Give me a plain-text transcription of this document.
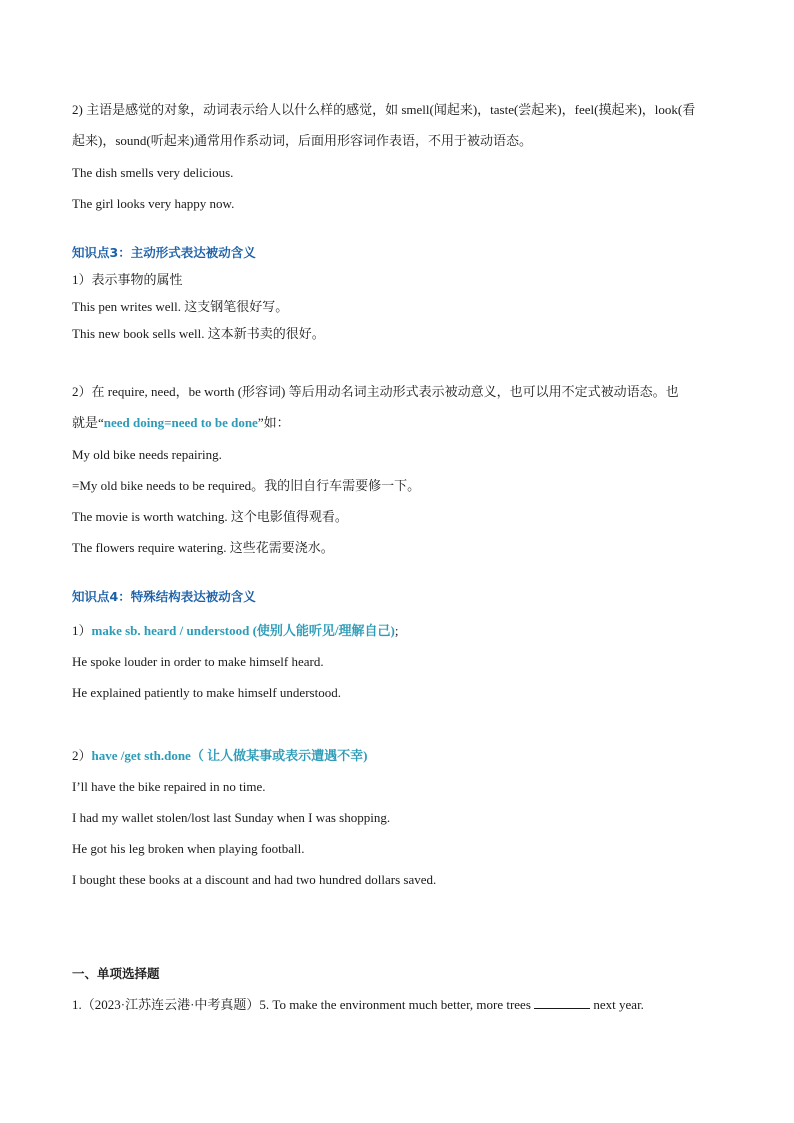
2) 主语是感觉的对象，动词表示给人以什么样的感觉，如 smell(闻起来)，taste(尝起来)，feel(摸起来)，look(看
起来)，sound(听起来)通常用作系动词，后面用形容词作表语，不用于被动语态。
The dish smells very delicious.
The girl looks very happy now.
知识点3：主动形式表达被动含义
1）表示事物的属性
This pen writes well. 这支钢笔很好写。
This new book sells well. 这本新书卖的很好。
2）在 require, need，be worth (形容词) 等后用动名词主动形式表示被动意义，也可以用不定式被动语态。也
就是“need doing=need to be done”如：
My old bike needs repairing.
=My old bike needs to be required。我的旧自行车需要修一下。
The movie is worth watching. 这个电影值得观看。
The flowers require watering. 这些花需要浇水。
知识点4：特殊结构表达被动含义
1）make sb. heard / understood (使别人能听见/理解自己);
He spoke louder in order to make himself heard.
He explained patiently to make himself understood.
2）have /get sth.done（ 让人做某事或表示遭遇不幸)
I’ll have the bike repaired in no time.
I had my wallet stolen/lost last Sunday when I was shopping.
He got his leg broken when playing football.
I bought these books at a discount and had two hundred dollars saved.
一、单项选择题
1.（2023·江苏连云港·中考真题）5. To make the environment much better, more trees	next year.
